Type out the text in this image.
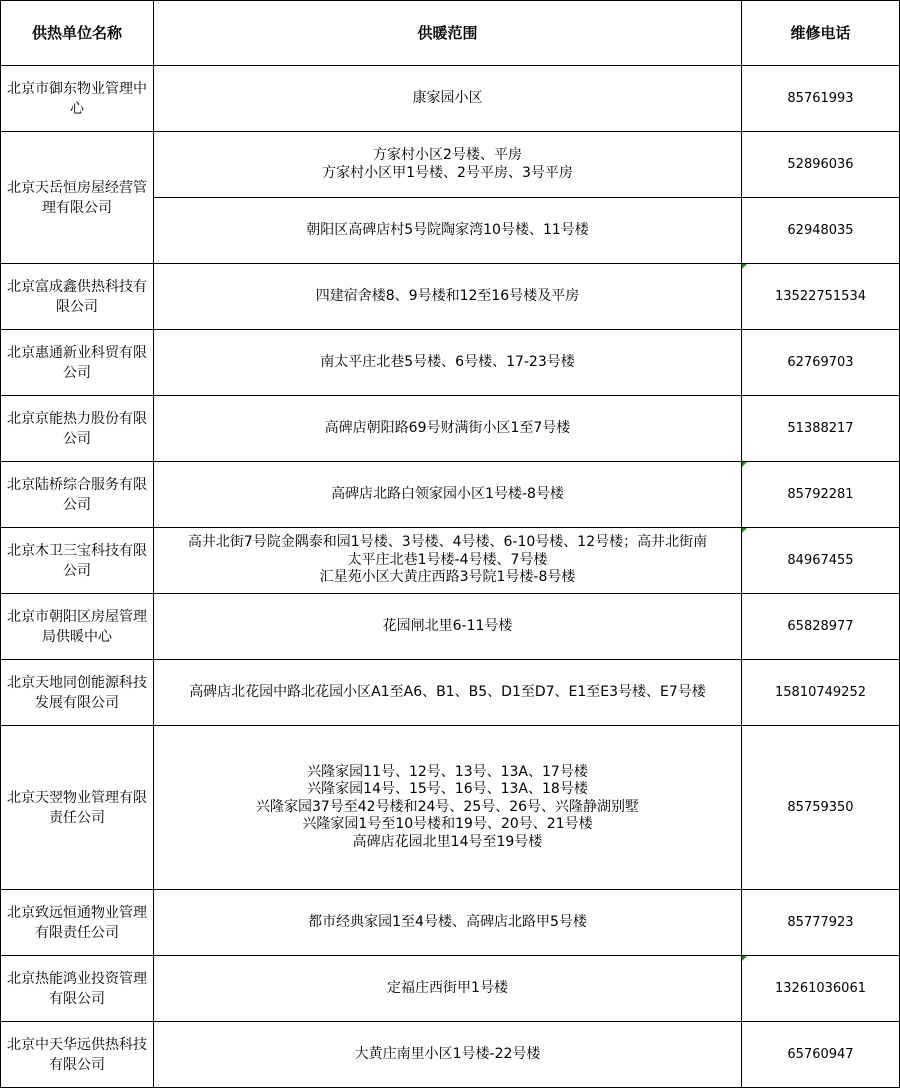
供热单位名称	供暖范围	维修电话
北京市御东物业管理中心	康家园小区	85761993
北京天岳恒房屋经营管理有限公司	方家村小区2号楼、平房
方家村小区甲1号楼、2号平房、3号平房	52896036

	朝阳区高碑店村5号院陶家湾10号楼、11号楼	62948035
北京富成鑫供热科技有限公司	四建宿舍楼8、9号楼和12至16号楼及平房	13522751534
北京惠通新业科贸有限公司	南太平庄北巷5号楼、6号楼、17-23号楼	62769703
北京京能热力股份有限公司	高碑店朝阳路69号财满街小区1至7号楼	51388217
北京陆桥综合服务有限公司	高碑店北路白领家园小区1号楼-8号楼	85792281
北京木卫三宝科技有限公司	高井北街7号院金隅泰和园1号楼、3号楼、4号楼、6-10号楼、12号楼；高井北街南
太平庄北巷1号楼-4号楼、7号楼
汇星苑小区大黄庄西路3号院1号楼-8号楼	84967455
北京市朝阳区房屋管理局供暖中心	花园闸北里6-11号楼	65828977
北京天地同创能源科技发展有限公司	高碑店北花园中路北花园小区A1至A6、B1、B5、D1至D7、E1至E3号楼、E7号楼	15810749252
北京天翌物业管理有限责任公司	兴隆家园11号、12号、13号、13A、17号楼
兴隆家园14号、15号、16号、13A、18号楼
兴隆家园37号至42号楼和24号、25号、26号、兴隆静湖别墅
兴隆家园1号至10号楼和19号、20号、21号楼
高碑店花园北里14号至19号楼	85759350
北京致远恒通物业管理有限责任公司	都市经典家园1至4号楼、高碑店北路甲5号楼	85777923
北京热能鸿业投资管理有限公司	定福庄西街甲1号楼	13261036061
北京中天华远供热科技有限公司	大黄庄南里小区1号楼-22号楼	65760947
